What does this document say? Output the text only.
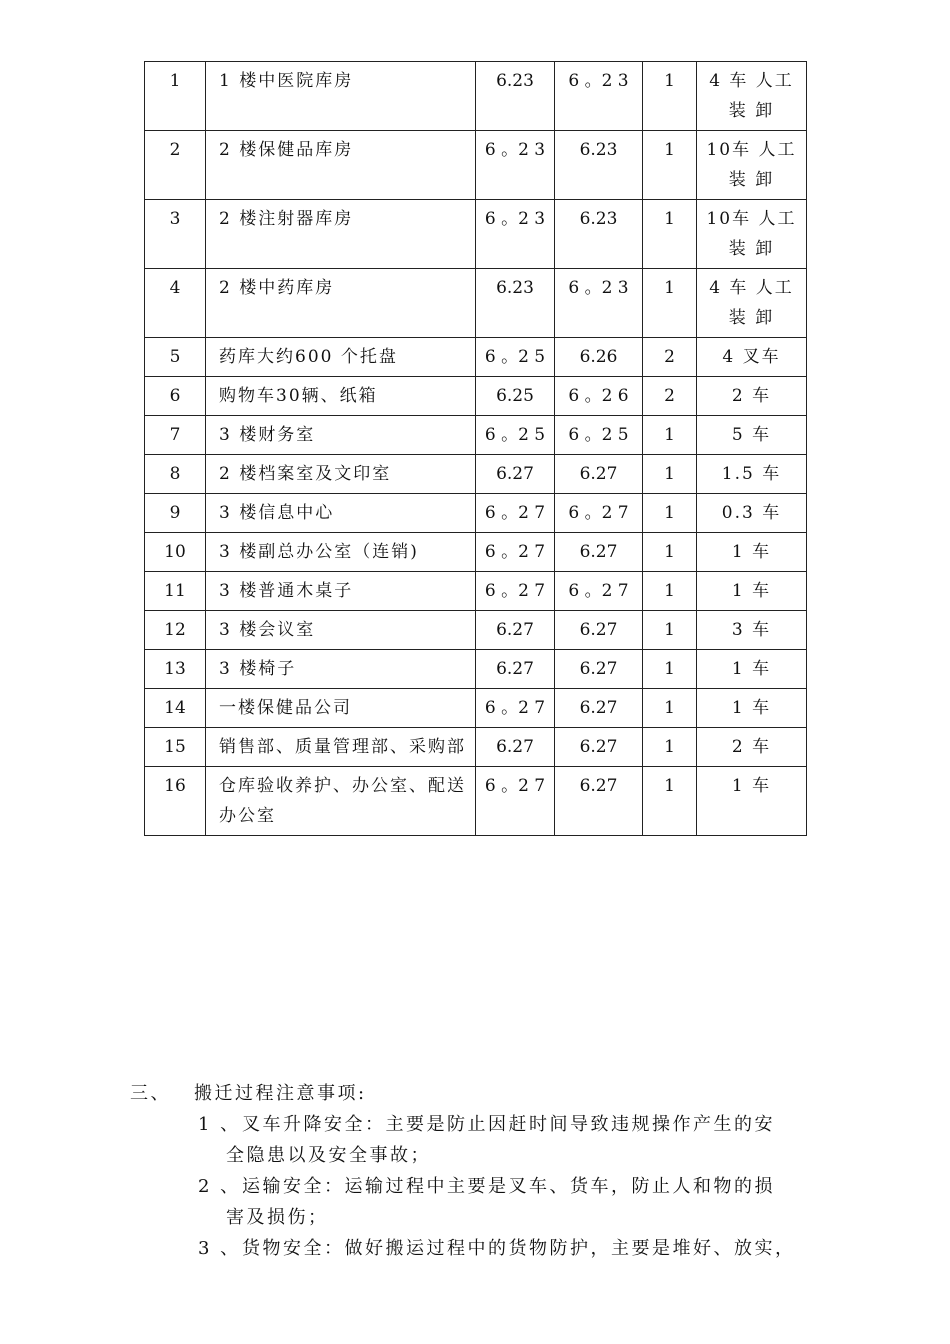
1	1 楼中医院库房	6.23	6 。2 3	1	4 车 人工装 卸
2	2 楼保健品库房	6 。2 3	6.23	1	10车 人工装 卸
3	2 楼注射器库房	6 。2 3	6.23	1	10车 人工装 卸
4	2 楼中药库房	6.23	6 。2 3	1	4 车 人工装 卸
5	药库大约600 个托盘	6 。2 5	6.26	2	4 叉车
6	购物车30辆、纸箱	6.25	6 。2 6	2	2 车
7	3 楼财务室	6 。2 5	6 。2 5	1	5 车
8	2 楼档案室及文印室	6.27	6.27	1	1.5 车
9	3 楼信息中心	6 。2 7	6 。2 7	1	0.3 车
10	3 楼副总办公室（连销)	6 。2 7	6.27	1	1 车
11	3 楼普通木桌子	6 。2 7	6 。2 7	1	1 车
12	3 楼会议室	6.27	6.27	1	3 车
13	3 楼椅子	6.27	6.27	1	1 车
14	一楼保健品公司	6 。2 7	6.27	1	1 车
15	销售部、质量管理部、采购部	6.27	6.27	1	2 车
16	仓库验收养护、办公室、配送办公室	6 。2 7	6.27	1	1 车
三、 搬迁过程注意事项:
1 、叉车升降安全：主要是防止因赶时间导致违规操作产生的安
全隐患以及安全事故；
2 、运输安全：运输过程中主要是叉车、货车，防止人和物的损
害及损伤；
3 、货物安全：做好搬运过程中的货物防护，主要是堆好、放实，
